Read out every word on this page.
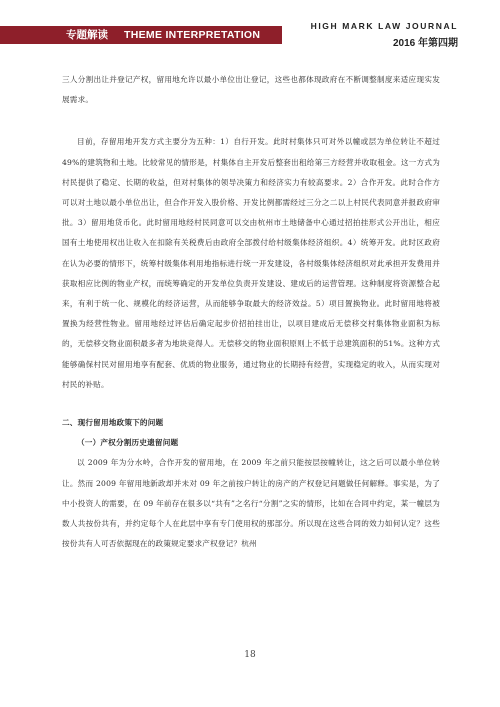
专题解读 THEME INTERPRETATION
HIGH MARK LAW JOURNAL
2016 年第四期

三人分割出让并登记产权，留用地允许以最小单位出让登记，这些也都体现政府在不断调整制度来适应现实发展需求。

目前，存留用地开发方式主要分为五种：1）自行开发。此时村集体只可对外以幢或层为单位转让不超过49%的建筑物和土地。比较常见的情形是，村集体自主开发后整套出租给第三方经营并收取租金。这一方式为村民提供了稳定、长期的收益，但对村集体的领导决策力和经济实力有较高要求。2）合作开发。此时合作方可以对土地以最小单位出让，但合作开发入股价格、开发比例都需经过三分之二以上村民代表同意并报政府审批。3）留用地货币化。此时留用地经村民同意可以交由杭州市土地储备中心通过招拍挂形式公开出让，相应国有土地使用权出让收入在扣除有关税费后由政府全部拨付给村级集体经济组织。4）统筹开发。此时区政府在认为必要的情形下，统筹村级集体利用地指标进行统一开发建设，各村级集体经济组织对此承担开发费用并获取相应比例的物业产权，而统筹确定的开发单位负责开发建设、建成后的运营管理。这种制度将资源整合起来，有利于统一化、规模化的经济运营，从而能够争取最大的经济效益。5）项目置换物业。此时留用地将被置换为经营性物业。留用地经过评估后确定起步价招拍挂出让，以项目建成后无偿移交村集体物业面积为标的，无偿移交物业面积最多者为地块竞得人。无偿移交的物业面积原则上不低于总建筑面积的51%。这种方式能够确保村民对留用地享有配套、优质的物业服务，通过物业的长期持有经营，实现稳定的收入，从而实现对村民的补贴。

二、现行留用地政策下的问题

（一）产权分割历史遗留问题

以 2009 年为分水岭，合作开发的留用地，在 2009 年之前只能按层按幢转让，这之后可以最小单位转让。然而 2009 年留用地新政却并未对 09 年之前按户转让的房产的产权登记问题做任何解释。事实是，为了中小投资人的需要，在 09 年前存在很多以“共有”之名行“分割”之实的情形，比如在合同中约定，某一幢层为数人共按份共有，并约定每个人在此层中享有专门使用权的那部分。所以现在这些合同的效力如何认定？这些按份共有人可否依据现在的政策规定要求产权登记？杭州

18
